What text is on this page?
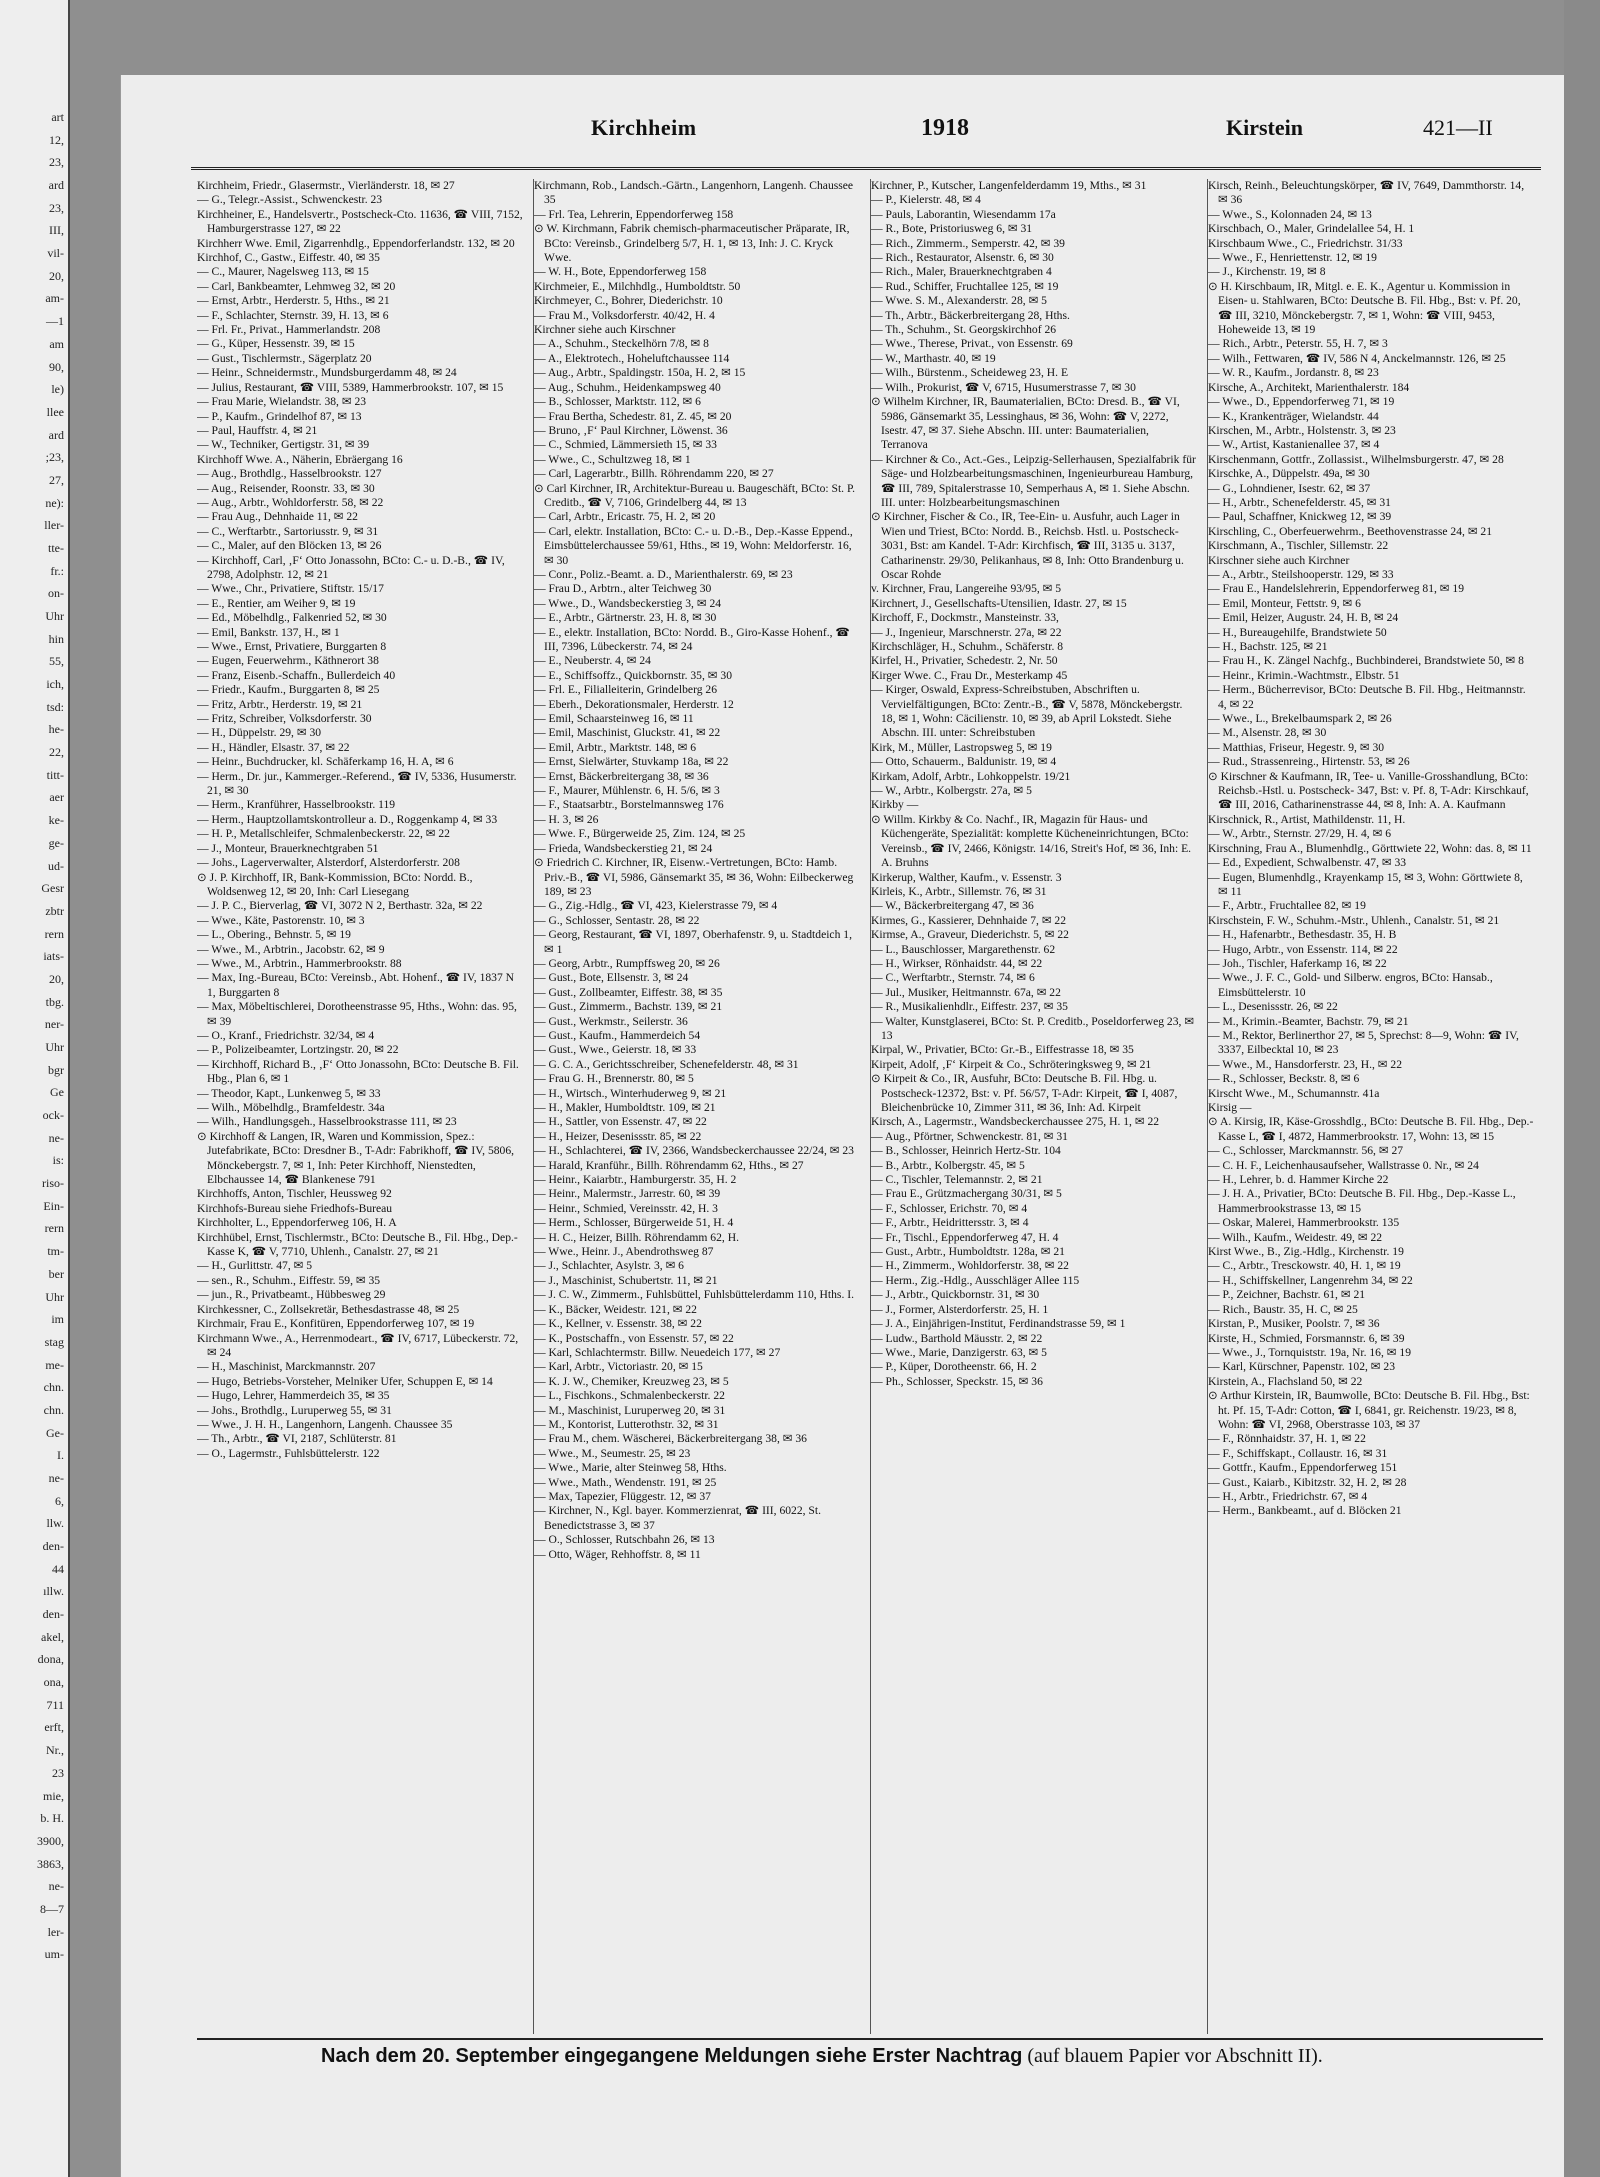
art
12,
23,
ard
23,
III,
vil-
20,
am-
—1
am
90,
le)
llee
ard
;23,
27,
ne):
ller-
tte-
fr.:
on-
Uhr
hin
55,
ich,
tsd:
he-
22,
titt-
aer
ke-
ge-
ud-
Gesr
zbtr
rern
iats-
20,
tbg.
ner-
Uhr
bgr
Ge
ock-
ne-
is:
riso-
Ein-
rern
tm-
ber
Uhr
im
stag
me-
chn.
chn.
Ge-
I.
ne-
6,
llw.
den-
44
ıllw.
den-
akel,
dona,
ona,
711
erft,
Nr.,
23
mie,
b. H.
3900,
3863,
ne-
8—7
ler-
um-
Kirchheim	1918	Kirstein	421—II
Kirchheim, Friedr., Glasermstr., Vierländerstr. 18, ✉ 27
— G., Telegr.-Assist., Schwenckestr. 23
Kirchheiner, E., Handelsvertr., Postscheck-Cto. 11636, ☎ VIII, 7152, Hamburgerstrasse 127, ✉ 22
Kirchherr Wwe. Emil, Zigarrenhdlg., Eppendorferlandstr. 132, ✉ 20
Kirchhof, C., Gastw., Eiffestr. 40, ✉ 35
— C., Maurer, Nagelsweg 113, ✉ 15
— Carl, Bankbeamter, Lehmweg 32, ✉ 20
— Ernst, Arbtr., Herderstr. 5, Hths., ✉ 21
— F., Schlachter, Sternstr. 39, H. 13, ✉ 6
— Frl. Fr., Privat., Hammerlandstr. 208
— G., Küper, Hessenstr. 39, ✉ 15
— Gust., Tischlermstr., Sägerplatz 20
— Heinr., Schneidermstr., Mundsburgerdamm 48, ✉ 24
— Julius, Restaurant, ☎ VIII, 5389, Hammerbrookstr. 107, ✉ 15
— Frau Marie, Wielandstr. 38, ✉ 23
— P., Kaufm., Grindelhof 87, ✉ 13
— Paul, Hauffstr. 4, ✉ 21
— W., Techniker, Gertigstr. 31, ✉ 39
Kirchhoff Wwe. A., Näherin, Ebräergang 16
— Aug., Brothdlg., Hasselbrookstr. 127
— Aug., Reisender, Roonstr. 33, ✉ 30
— Aug., Arbtr., Wohldorferstr. 58, ✉ 22
— Frau Aug., Dehnhaide 11, ✉ 22
— C., Werftarbtr., Sartoriusstr. 9, ✉ 31
— C., Maler, auf den Blöcken 13, ✉ 26
— Kirchhoff, Carl, ‚F‘ Otto Jonassohn, BCto: C.- u. D.-B., ☎ IV, 2798, Adolphstr. 12, ✉ 21
— Wwe., Chr., Privatiere, Stiftstr. 15/17
— E., Rentier, am Weiher 9, ✉ 19
— Ed., Möbelhdlg., Falkenried 52, ✉ 30
— Emil, Bankstr. 137, H., ✉ 1
— Wwe., Ernst, Privatiere, Burggarten 8
— Eugen, Feuerwehrm., Käthnerort 38
— Franz, Eisenb.-Schaffn., Bullerdeich 40
— Friedr., Kaufm., Burggarten 8, ✉ 25
— Fritz, Arbtr., Herderstr. 19, ✉ 21
— Fritz, Schreiber, Volksdorferstr. 30
— H., Düppelstr. 29, ✉ 30
— H., Händler, Elsastr. 37, ✉ 22
— Heinr., Buchdrucker, kl. Schäferkamp 16, H. A, ✉ 6
— Herm., Dr. jur., Kammerger.-Referend., ☎ IV, 5336, Husumerstr. 21, ✉ 30
— Herm., Kranführer, Hasselbrookstr. 119
— Herm., Hauptzollamtskontrolleur a. D., Roggenkamp 4, ✉ 33
— H. P., Metallschleifer, Schmalenbeckerstr. 22, ✉ 22
— J., Monteur, Brauerknechtgraben 51
— Johs., Lagerverwalter, Alsterdorf, Alsterdorferstr. 208
⊙ J. P. Kirchhoff, IR, Bank-Kommission, BCto: Nordd. B., Woldsenweg 12, ✉ 20, Inh: Carl Liesegang
— J. P. C., Bierverlag, ☎ VI, 3072 N 2, Berthastr. 32a, ✉ 22
— Wwe., Käte, Pastorenstr. 10, ✉ 3
— L., Obering., Behnstr. 5, ✉ 19
— Wwe., M., Arbtrin., Jacobstr. 62, ✉ 9
— Wwe., M., Arbtrin., Hammerbrookstr. 88
— Max, Ing.-Bureau, BCto: Vereinsb., Abt. Hohenf., ☎ IV, 1837 N 1, Burggarten 8
— Max, Möbeltischlerei, Dorotheenstrasse 95, Hths., Wohn: das. 95, ✉ 39
— O., Kranf., Friedrichstr. 32/34, ✉ 4
— P., Polizeibeamter, Lortzingstr. 20, ✉ 22
— Kirchhoff, Richard B., ‚F‘ Otto Jonassohn, BCto: Deutsche B. Fil. Hbg., Plan 6, ✉ 1
— Theodor, Kapt., Lunkenweg 5, ✉ 33
— Wilh., Möbelhdlg., Bramfeldestr. 34a
— Wilh., Handlungsgeh., Hasselbrookstrasse 111, ✉ 23
⊙ Kirchhoff & Langen, IR, Waren und Kommission, Spez.: Jutefabrikate, BCto: Dresdner B., T-Adr: Fabrikhoff, ☎ IV, 5806, Mönckebergstr. 7, ✉ 1, Inh: Peter Kirchhoff, Nienstedten, Elbchaussee 14, ☎ Blankenese 791
Kirchhoffs, Anton, Tischler, Heussweg 92
Kirchhofs-Bureau siehe Friedhofs-Bureau
Kirchholter, L., Eppendorferweg 106, H. A
Kirchhübel, Ernst, Tischlermstr., BCto: Deutsche B., Fil. Hbg., Dep.-Kasse K, ☎ V, 7710, Uhlenh., Canalstr. 27, ✉ 21
— H., Gurlittstr. 47, ✉ 5
— sen., R., Schuhm., Eiffestr. 59, ✉ 35
— jun., R., Privatbeamt., Hübbesweg 29
Kirchkessner, C., Zollsekretär, Bethesdastrasse 48, ✉ 25
Kirchmair, Frau E., Konfitüren, Eppendorferweg 107, ✉ 19
Kirchmann Wwe., A., Herrenmodeart., ☎ IV, 6717, Lübeckerstr. 72, ✉ 24
— H., Maschinist, Marckmannstr. 207
— Hugo, Betriebs-Vorsteher, Melniker Ufer, Schuppen E, ✉ 14
— Hugo, Lehrer, Hammerdeich 35, ✉ 35
— Johs., Brothdlg., Luruperweg 55, ✉ 31
— Wwe., J. H. H., Langenhorn, Langenh. Chaussee 35
— Th., Arbtr., ☎ VI, 2187, Schlüterstr. 81
— O., Lagermstr., Fuhlsbüttelerstr. 122
Kirchmann, Rob., Landsch.-Gärtn., Langenhorn, Langenh. Chaussee 35
— Frl. Tea, Lehrerin, Eppendorferweg 158
⊙ W. Kirchmann, Fabrik chemisch-pharmaceutischer Präparate, IR, BCto: Vereinsb., Grindelberg 5/7, H. 1, ✉ 13, Inh: J. C. Kryck Wwe.
— W. H., Bote, Eppendorferweg 158
Kirchmeier, E., Milchhdlg., Humboldtstr. 50
Kirchmeyer, C., Bohrer, Diederichstr. 10
— Frau M., Volksdorferstr. 40/42, H. 4
Kirchner siehe auch Kirschner
— A., Schuhm., Steckelhörn 7/8, ✉ 8
— A., Elektrotech., Hoheluftchaussee 114
— Aug., Arbtr., Spaldingstr. 150a, H. 2, ✉ 15
— Aug., Schuhm., Heidenkampsweg 40
— B., Schlosser, Marktstr. 112, ✉ 6
— Frau Bertha, Schedestr. 81, Z. 45, ✉ 20
— Bruno, ‚F‘ Paul Kirchner, Löwenst. 36
— C., Schmied, Lämmersieth 15, ✉ 33
— Wwe., C., Schultzweg 18, ✉ 1
— Carl, Lagerarbtr., Billh. Röhrendamm 220, ✉ 27
⊙ Carl Kirchner, IR, Architektur-Bureau u. Baugeschäft, BCto: St. P. Creditb., ☎ V, 7106, Grindelberg 44, ✉ 13
— Carl, Arbtr., Ericastr. 75, H. 2, ✉ 20
— Carl, elektr. Installation, BCto: C.- u. D.-B., Dep.-Kasse Eppend., Eimsbüttelerchaussee 59/61, Hths., ✉ 19, Wohn: Meldorferstr. 16, ✉ 30
— Conr., Poliz.-Beamt. a. D., Marienthalerstr. 69, ✉ 23
— Frau D., Arbtrn., alter Teichweg 30
— Wwe., D., Wandsbeckerstieg 3, ✉ 24
— E., Arbtr., Gärtnerstr. 23, H. 8, ✉ 30
— E., elektr. Installation, BCto: Nordd. B., Giro-Kasse Hohenf., ☎ III, 7396, Lübeckerstr. 74, ✉ 24
— E., Neuberstr. 4, ✉ 24
— E., Schiffsoffz., Quickbornstr. 35, ✉ 30
— Frl. E., Filialleiterin, Grindelberg 26
— Eberh., Dekorationsmaler, Herderstr. 12
— Emil, Schaarsteinweg 16, ✉ 11
— Emil, Maschinist, Gluckstr. 41, ✉ 22
— Emil, Arbtr., Marktstr. 148, ✉ 6
— Ernst, Sielwärter, Stuvkamp 18a, ✉ 22
— Ernst, Bäckerbreitergang 38, ✉ 36
— F., Maurer, Mühlenstr. 6, H. 5/6, ✉ 3
— F., Staatsarbtr., Borstelmannsweg 176
— H. 3, ✉ 26
— Wwe. F., Bürgerweide 25, Zim. 124, ✉ 25
— Frieda, Wandsbeckerstieg 21, ✉ 24
⊙ Friedrich C. Kirchner, IR, Eisenw.-Vertretungen, BCto: Hamb. Priv.-B., ☎ VI, 5986, Gänsemarkt 35, ✉ 36, Wohn: Eilbeckerweg 189, ✉ 23
— G., Zig.-Hdlg., ☎ VI, 423, Kielerstrasse 79, ✉ 4
— G., Schlosser, Sentastr. 28, ✉ 22
— Georg, Restaurant, ☎ VI, 1897, Oberhafenstr. 9, u. Stadtdeich 1, ✉ 1
— Georg, Arbtr., Rumpffsweg 20, ✉ 26
— Gust., Bote, Ellsenstr. 3, ✉ 24
— Gust., Zollbeamter, Eiffestr. 38, ✉ 35
— Gust., Zimmerm., Bachstr. 139, ✉ 21
— Gust., Werkmstr., Seilerstr. 36
— Gust., Kaufm., Hammerdeich 54
— Gust., Wwe., Geierstr. 18, ✉ 33
— G. C. A., Gerichtsschreiber, Schenefelderstr. 48, ✉ 31
— Frau G. H., Brennerstr. 80, ✉ 5
— H., Wirtsch., Winterhuderweg 9, ✉ 21
— H., Makler, Humboldtstr. 109, ✉ 21
— H., Sattler, von Essenstr. 47, ✉ 22
— H., Heizer, Desenissstr. 85, ✉ 22
— H., Schlachterei, ☎ IV, 2366, Wandsbeckerchaussee 22/24, ✉ 23
— Harald, Kranführ., Billh. Röhrendamm 62, Hths., ✉ 27
— Heinr., Kaiarbtr., Hamburgerstr. 35, H. 2
— Heinr., Malermstr., Jarrestr. 60, ✉ 39
— Heinr., Schmied, Vereinsstr. 42, H. 3
— Herm., Schlosser, Bürgerweide 51, H. 4
— H. C., Heizer, Billh. Röhrendamm 62, H.
— Wwe., Heinr. J., Abendrothsweg 87
— J., Schlachter, Asylstr. 3, ✉ 6
— J., Maschinist, Schubertstr. 11, ✉ 21
— J. C. W., Zimmerm., Fuhlsbüttel, Fuhlsbüttelerdamm 110, Hths. I.
— K., Bäcker, Weidestr. 121, ✉ 22
— K., Kellner, v. Essenstr. 38, ✉ 22
— K., Postschaffn., von Essenstr. 57, ✉ 22
— Karl, Schlachtermstr. Billw. Neuedeich 177, ✉ 27
— Karl, Arbtr., Victoriastr. 20, ✉ 15
— K. J. W., Chemiker, Kreuzweg 23, ✉ 5
— L., Fischkons., Schmalenbeckerstr. 22
— M., Maschinist, Luruperweg 20, ✉ 31
— M., Kontorist, Lutterothstr. 32, ✉ 31
— Frau M., chem. Wäscherei, Bäckerbreitergang 38, ✉ 36
— Wwe., M., Seumestr. 25, ✉ 23
— Wwe., Marie, alter Steinweg 58, Hths.
— Wwe., Math., Wendenstr. 191, ✉ 25
— Max, Tapezier, Flüggestr. 12, ✉ 37
— Kirchner, N., Kgl. bayer. Kommerzienrat, ☎ III, 6022, St. Benedictstrasse 3, ✉ 37
— O., Schlosser, Rutschbahn 26, ✉ 13
— Otto, Wäger, Rehhoffstr. 8, ✉ 11
Kirchner, P., Kutscher, Langenfelderdamm 19, Mths., ✉ 31
— P., Kielerstr. 48, ✉ 4
— Pauls, Laborantin, Wiesendamm 17a
— R., Bote, Pristoriusweg 6, ✉ 31
— Rich., Zimmerm., Semperstr. 42, ✉ 39
— Rich., Restaurator, Alsenstr. 6, ✉ 30
— Rich., Maler, Brauerknechtgraben 4
— Rud., Schiffer, Fruchtallee 125, ✉ 19
— Wwe. S. M., Alexanderstr. 28, ✉ 5
— Th., Arbtr., Bäckerbreitergang 28, Hths.
— Th., Schuhm., St. Georgskirchhof 26
— Wwe., Therese, Privat., von Essenstr. 69
— W., Marthastr. 40, ✉ 19
— Wilh., Bürstenm., Scheideweg 23, H. E
— Wilh., Prokurist, ☎ V, 6715, Husumerstrasse 7, ✉ 30
⊙ Wilhelm Kirchner, IR, Baumaterialien, BCto: Dresd. B., ☎ VI, 5986, Gänsemarkt 35, Lessinghaus, ✉ 36, Wohn: ☎ V, 2272, Isestr. 47, ✉ 37. Siehe Abschn. III. unter: Baumaterialien, Terranova
— Kirchner & Co., Act.-Ges., Leipzig-Sellerhausen, Spezialfabrik für Säge- und Holzbearbeitungsmaschinen, Ingenieurbureau Hamburg, ☎ III, 789, Spitalerstrasse 10, Semperhaus A, ✉ 1. Siehe Abschn. III. unter: Holzbearbeitungsmaschinen
⊙ Kirchner, Fischer & Co., IR, Tee-Ein- u. Ausfuhr, auch Lager in Wien und Triest, BCto: Nordd. B., Reichsb. Hstl. u. Postscheck- 3031, Bst: am Kandel. T-Adr: Kirchfisch, ☎ III, 3135 u. 3137, Catharinenstr. 29/30, Pelikanhaus, ✉ 8, Inh: Otto Brandenburg u. Oscar Rohde
v. Kirchner, Frau, Langereihe 93/95, ✉ 5
Kirchnert, J., Gesellschafts-Utensilien, Idastr. 27, ✉ 15
Kirchoff, F., Dockmstr., Mansteinstr. 33,
— J., Ingenieur, Marschnerstr. 27a, ✉ 22
Kirchschläger, H., Schuhm., Schäferstr. 8
Kirfel, H., Privatier, Schedestr. 2, Nr. 50
Kirger Wwe. C., Frau Dr., Mesterkamp 45
— Kirger, Oswald, Express-Schreibstuben, Abschriften u. Vervielfältigungen, BCto: Zentr.-B., ☎ V, 5878, Mönckebergstr. 18, ✉ 1, Wohn: Cäcilienstr. 10, ✉ 39, ab April Lokstedt. Siehe Abschn. III. unter: Schreibstuben
Kirk, M., Müller, Lastropsweg 5, ✉ 19
— Otto, Schauerm., Baldunistr. 19, ✉ 4
Kirkam, Adolf, Arbtr., Lohkoppelstr. 19/21
— W., Arbtr., Kolbergstr. 27a, ✉ 5
Kirkby —
⊙ Willm. Kirkby & Co. Nachf., IR, Magazin für Haus- und Küchengeräte, Spezialität: komplette Kücheneinrichtungen, BCto: Vereinsb., ☎ IV, 2466, Königstr. 14/16, Streit's Hof, ✉ 36, Inh: E. A. Bruhns
Kirkerup, Walther, Kaufm., v. Essenstr. 3
Kirleis, K., Arbtr., Sillemstr. 76, ✉ 31
— W., Bäckerbreitergang 47, ✉ 36
Kirmes, G., Kassierer, Dehnhaide 7, ✉ 22
Kirmse, A., Graveur, Diederichstr. 5, ✉ 22
— L., Bauschlosser, Margarethenstr. 62
— H., Wirkser, Rönhaidstr. 44, ✉ 22
— C., Werftarbtr., Sternstr. 74, ✉ 6
— Jul., Musiker, Heitmannstr. 67a, ✉ 22
— R., Musikalienhdlr., Eiffestr. 237, ✉ 35
— Walter, Kunstglaserei, BCto: St. P. Creditb., Poseldorferweg 23, ✉ 13
Kirpal, W., Privatier, BCto: Gr.-B., Eiffestrasse 18, ✉ 35
Kirpeit, Adolf, ‚F‘ Kirpeit & Co., Schröteringksweg 9, ✉ 21
⊙ Kirpeit & Co., IR, Ausfuhr, BCto: Deutsche B. Fil. Hbg. u. Postscheck-12372, Bst: v. Pf. 56/57, T-Adr: Kirpeit, ☎ I, 4087, Bleichenbrücke 10, Zimmer 311, ✉ 36, Inh: Ad. Kirpeit
Kirsch, A., Lagermstr., Wandsbeckerchaussee 275, H. 1, ✉ 22
— Aug., Pförtner, Schwenckestr. 81, ✉ 31
— B., Schlosser, Heinrich Hertz-Str. 104
— B., Arbtr., Kolbergstr. 45, ✉ 5
— C., Tischler, Telemannstr. 2, ✉ 21
— Frau E., Grützmachergang 30/31, ✉ 5
— F., Schlosser, Erichstr. 70, ✉ 4
— F., Arbtr., Heidrittersstr. 3, ✉ 4
— Fr., Tischl., Eppendorferweg 47, H. 4
— Gust., Arbtr., Humboldtstr. 128a, ✉ 21
— H., Zimmerm., Wohldorferstr. 38, ✉ 22
— Herm., Zig.-Hdlg., Ausschläger Allee 115
— J., Arbtr., Quickbornstr. 31, ✉ 30
— J., Former, Alsterdorferstr. 25, H. 1
— J. A., Einjährigen-Institut, Ferdinandstrasse 59, ✉ 1
— Ludw., Barthold Mäusstr. 2, ✉ 22
— Wwe., Marie, Danzigerstr. 63, ✉ 5
— P., Küper, Dorotheenstr. 66, H. 2
— Ph., Schlosser, Speckstr. 15, ✉ 36
Kirsch, Reinh., Beleuchtungskörper, ☎ IV, 7649, Dammthorstr. 14, ✉ 36
— Wwe., S., Kolonnaden 24, ✉ 13
Kirschbach, O., Maler, Grindelallee 54, H. 1
Kirschbaum Wwe., C., Friedrichstr. 31/33
— Wwe., F., Henriettenstr. 12, ✉ 19
— J., Kirchenstr. 19, ✉ 8
⊙ H. Kirschbaum, IR, Mitgl. e. E. K., Agentur u. Kommission in Eisen- u. Stahlwaren, BCto: Deutsche B. Fil. Hbg., Bst: v. Pf. 20, ☎ III, 3210, Mönckebergstr. 7, ✉ 1, Wohn: ☎ VIII, 9453, Hoheweide 13, ✉ 19
— Rich., Arbtr., Peterstr. 55, H. 7, ✉ 3
— Wilh., Fettwaren, ☎ IV, 586 N 4, Anckelmannstr. 126, ✉ 25
— W. R., Kaufm., Jordanstr. 8, ✉ 23
Kirsche, A., Architekt, Marienthalerstr. 184
— Wwe., D., Eppendorferweg 71, ✉ 19
— K., Krankenträger, Wielandstr. 44
Kirschen, M., Arbtr., Holstenstr. 3, ✉ 23
— W., Artist, Kastanienallee 37, ✉ 4
Kirschenmann, Gottfr., Zollassist., Wilhelmsburgerstr. 47, ✉ 28
Kirschke, A., Düppelstr. 49a, ✉ 30
— G., Lohndiener, Isestr. 62, ✉ 37
— H., Arbtr., Schenefelderstr. 45, ✉ 31
— Paul, Schaffner, Knickweg 12, ✉ 39
Kirschling, C., Oberfeuerwehrm., Beethovenstrasse 24, ✉ 21
Kirschmann, A., Tischler, Sillemstr. 22
Kirschner siehe auch Kirchner
— A., Arbtr., Steilshooperstr. 129, ✉ 33
— Frau E., Handelslehrerin, Eppendorferweg 81, ✉ 19
— Emil, Monteur, Fettstr. 9, ✉ 6
— Emil, Heizer, Augustr. 24, H. B, ✉ 24
— H., Bureaugehilfe, Brandstwiete 50
— H., Bachstr. 125, ✉ 21
— Frau H., K. Zängel Nachfg., Buchbinderei, Brandstwiete 50, ✉ 8
— Heinr., Krimin.-Wachtmstr., Elbstr. 51
— Herm., Bücherrevisor, BCto: Deutsche B. Fil. Hbg., Heitmannstr. 4, ✉ 22
— Wwe., L., Brekelbaumspark 2, ✉ 26
— M., Alsenstr. 28, ✉ 30
— Matthias, Friseur, Hegestr. 9, ✉ 30
— Rud., Strassenreing., Hirtenstr. 53, ✉ 26
⊙ Kirschner & Kaufmann, IR, Tee- u. Vanille-Grosshandlung, BCto: Reichsb.-Hstl. u. Postscheck- 347, Bst: v. Pf. 8, T-Adr: Kirschkauf, ☎ III, 2016, Catharinenstrasse 44, ✉ 8, Inh: A. A. Kaufmann
Kirschnick, R., Artist, Mathildenstr. 11, H.
— W., Arbtr., Sternstr. 27/29, H. 4, ✉ 6
Kirschning, Frau A., Blumenhdlg., Görttwiete 22, Wohn: das. 8, ✉ 11
— Ed., Expedient, Schwalbenstr. 47, ✉ 33
— Eugen, Blumenhdlg., Krayenkamp 15, ✉ 3, Wohn: Görttwiete 8, ✉ 11
— F., Arbtr., Fruchtallee 82, ✉ 19
Kirschstein, F. W., Schuhm.-Mstr., Uhlenh., Canalstr. 51, ✉ 21
— H., Hafenarbtr., Bethesdastr. 35, H. B
— Hugo, Arbtr., von Essenstr. 114, ✉ 22
— Joh., Tischler, Haferkamp 16, ✉ 22
— Wwe., J. F. C., Gold- und Silberw. engros, BCto: Hansab., Eimsbüttelerstr. 10
— L., Desenissstr. 26, ✉ 22
— M., Krimin.-Beamter, Bachstr. 79, ✉ 21
— M., Rektor, Berlinerthor 27, ✉ 5, Sprechst: 8—9, Wohn: ☎ IV, 3337, Eilbecktal 10, ✉ 23
— Wwe., M., Hansdorferstr. 23, H., ✉ 22
— R., Schlosser, Beckstr. 8, ✉ 6
Kirscht Wwe., M., Schumannstr. 41a
Kirsig —
⊙ A. Kirsig, IR, Käse-Grosshdlg., BCto: Deutsche B. Fil. Hbg., Dep.-Kasse L, ☎ I, 4872, Hammerbrookstr. 17, Wohn: 13, ✉ 15
— C., Schlosser, Marckmannstr. 56, ✉ 27
— C. H. F., Leichenhausaufseher, Wallstrasse 0. Nr., ✉ 24
— H., Lehrer, b. d. Hammer Kirche 22
— J. H. A., Privatier, BCto: Deutsche B. Fil. Hbg., Dep.-Kasse L., Hammerbrookstrasse 13, ✉ 15
— Oskar, Malerei, Hammerbrookstr. 135
— Wilh., Kaufm., Weidestr. 49, ✉ 22
Kirst Wwe., B., Zig.-Hdlg., Kirchenstr. 19
— C., Arbtr., Tresckowstr. 40, H. 1, ✉ 19
— H., Schiffskellner, Langenrehm 34, ✉ 22
— P., Zeichner, Bachstr. 61, ✉ 21
— Rich., Baustr. 35, H. C, ✉ 25
Kirstan, P., Musiker, Poolstr. 7, ✉ 36
Kirste, H., Schmied, Forsmannstr. 6, ✉ 39
— Wwe., J., Tornquiststr. 19a, Nr. 16, ✉ 19
— Karl, Kürschner, Papenstr. 102, ✉ 23
Kirstein, A., Flachsland 50, ✉ 22
⊙ Arthur Kirstein, IR, Baumwolle, BCto: Deutsche B. Fil. Hbg., Bst: ht. Pf. 15, T-Adr: Cotton, ☎ I, 6841, gr. Reichenstr. 19/23, ✉ 8, Wohn: ☎ VI, 2968, Oberstrasse 103, ✉ 37
— F., Rönnhaidstr. 37, H. 1, ✉ 22
— F., Schiffskapt., Collaustr. 16, ✉ 31
— Gottfr., Kaufm., Eppendorferweg 151
— Gust., Kaiarb., Kibitzstr. 32, H. 2, ✉ 28
— H., Arbtr., Friedrichstr. 67, ✉ 4
— Herm., Bankbeamt., auf d. Blöcken 21
Nach dem 20. September eingegangene Meldungen siehe Erster Nachtrag (auf blauem Papier vor Abschnitt II).
